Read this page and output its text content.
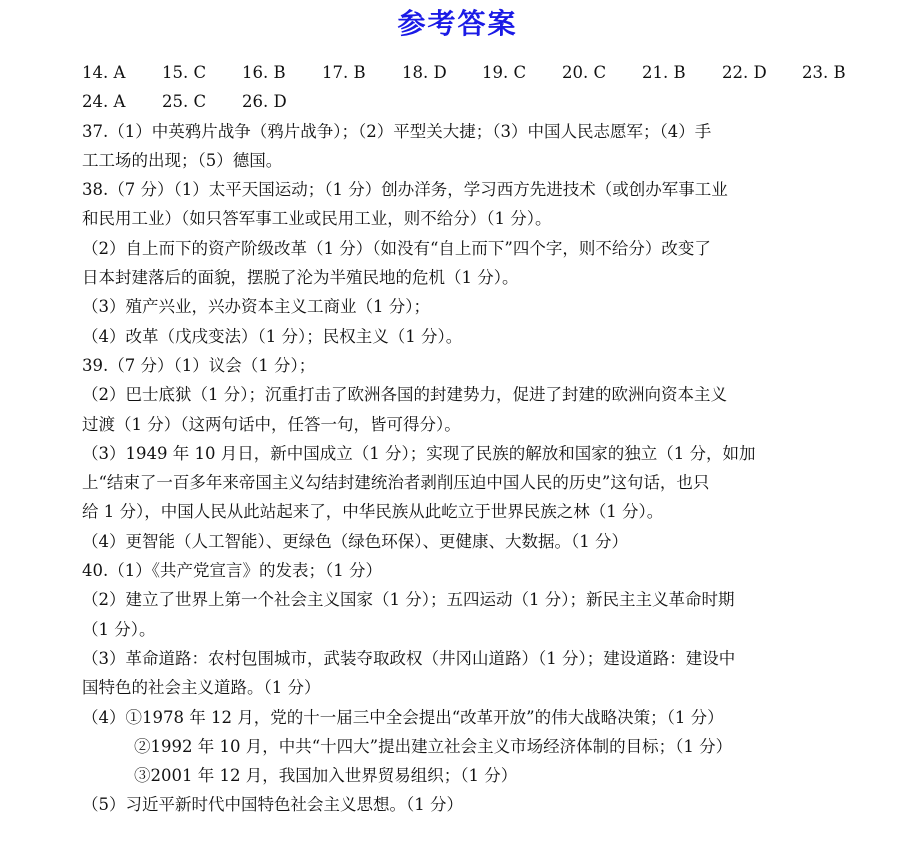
参考答案
14. A	15. C	16. B	17. B	18. D	19. C	20. C	21. B	22. D	23. B
24. A	25. C	26. D
37.（1）中英鸦片战争（鸦片战争）；（2）平型关大捷；（3）中国人民志愿军；（4）手
工工场的出现；（5）德国。
38.（7 分）（1）太平天国运动；（1 分）创办洋务，学习西方先进技术（或创办军事工业
和民用工业）（如只答军事工业或民用工业，则不给分）（1 分）。
（2）自上而下的资产阶级改革（1 分）（如没有“自上而下”四个字，则不给分）改变了
日本封建落后的面貌，摆脱了沦为半殖民地的危机（1 分）。
（3）殖产兴业，兴办资本主义工商业（1 分）；
（4）改革（戊戌变法）（1 分）；民权主义（1 分）。
39.（7 分）（1）议会（1 分）；
（2）巴士底狱（1 分）；沉重打击了欧洲各国的封建势力，促进了封建的欧洲向资本主义
过渡（1 分）（这两句话中，任答一句，皆可得分）。
（3）1949 年 10 月日，新中国成立（1 分）；实现了民族的解放和国家的独立（1 分，如加
上“结束了一百多年来帝国主义勾结封建统治者剥削压迫中国人民的历史”这句话，也只
给 1 分），中国人民从此站起来了，中华民族从此屹立于世界民族之林（1 分）。
（4）更智能（人工智能）、更绿色（绿色环保）、更健康、大数据。（1 分）
40.（1）《共产党宣言》的发表；（1 分）
（2）建立了世界上第一个社会主义国家（1 分）；五四运动（1 分）；新民主主义革命时期
（1 分）。
（3）革命道路：农村包围城市，武装夺取政权（井冈山道路）（1 分）；建设道路：建设中
国特色的社会主义道路。（1 分）
（4）①1978 年 12 月，党的十一届三中全会提出“改革开放”的伟大战略决策；（1 分）
②1992 年 10 月，中共“十四大”提出建立社会主义市场经济体制的目标；（1 分）
③2001 年 12 月，我国加入世界贸易组织；（1 分）
（5）习近平新时代中国特色社会主义思想。（1 分）
